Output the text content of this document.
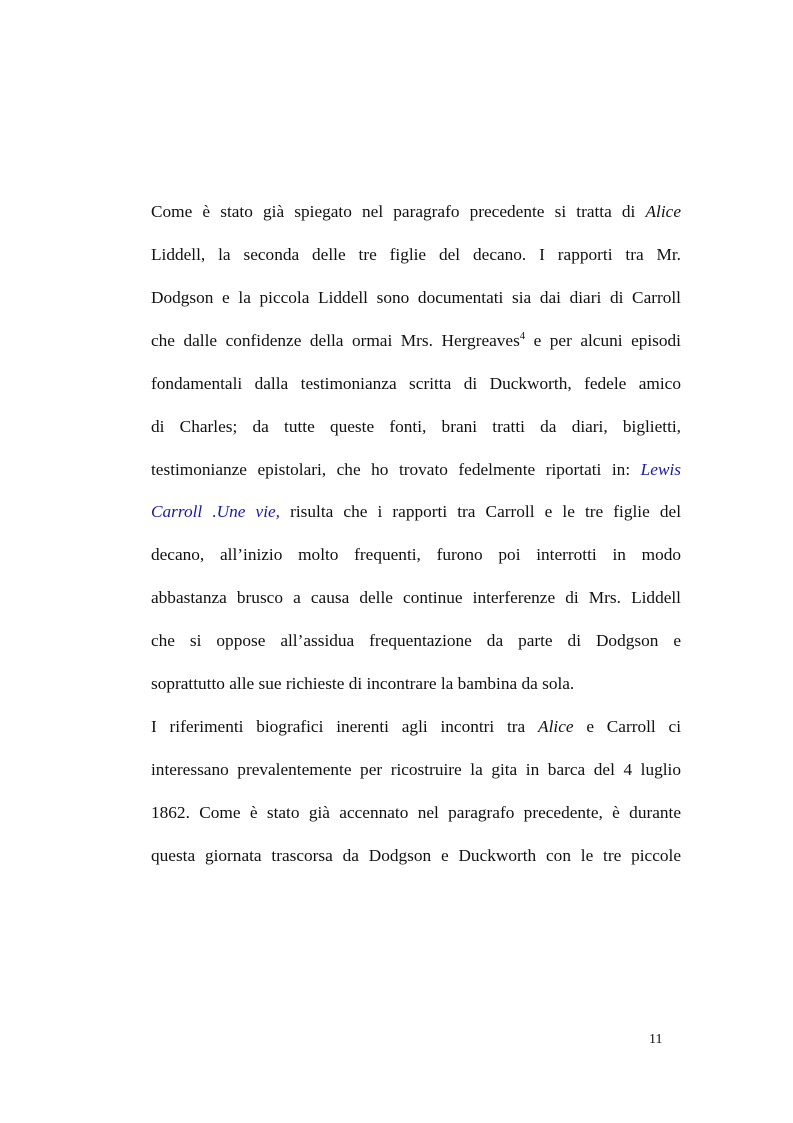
Come è stato già spiegato nel paragrafo precedente si tratta di Alice
Liddell, la seconda delle tre figlie del decano. I rapporti tra Mr.
Dodgson e la piccola Liddell sono documentati sia dai diari di Carroll
che dalle confidenze della ormai Mrs. Hergreaves$^4$ e per alcuni episodi
fondamentali dalla testimonianza scritta di Duckworth, fedele amico
di Charles; da tutte queste fonti, brani tratti da diari, biglietti,
testimonianze epistolari, che ho trovato fedelmente riportati in: Lewis
Carroll .Une vie, risulta che i rapporti tra Carroll e le tre figlie del
decano, all’inizio molto frequenti, furono poi interrotti in modo
abbastanza brusco a causa delle continue interferenze di Mrs. Liddell
che si oppose all’assidua frequentazione da parte di Dodgson e
soprattutto alle sue richieste di incontrare la bambina da sola.
I riferimenti biografici inerenti agli incontri tra Alice e Carroll ci
interessano prevalentemente per ricostruire la gita in barca del 4 luglio
1862. Come è stato già accennato nel paragrafo precedente, è durante
questa giornata trascorsa da Dodgson e Duckworth con le tre piccole
11
